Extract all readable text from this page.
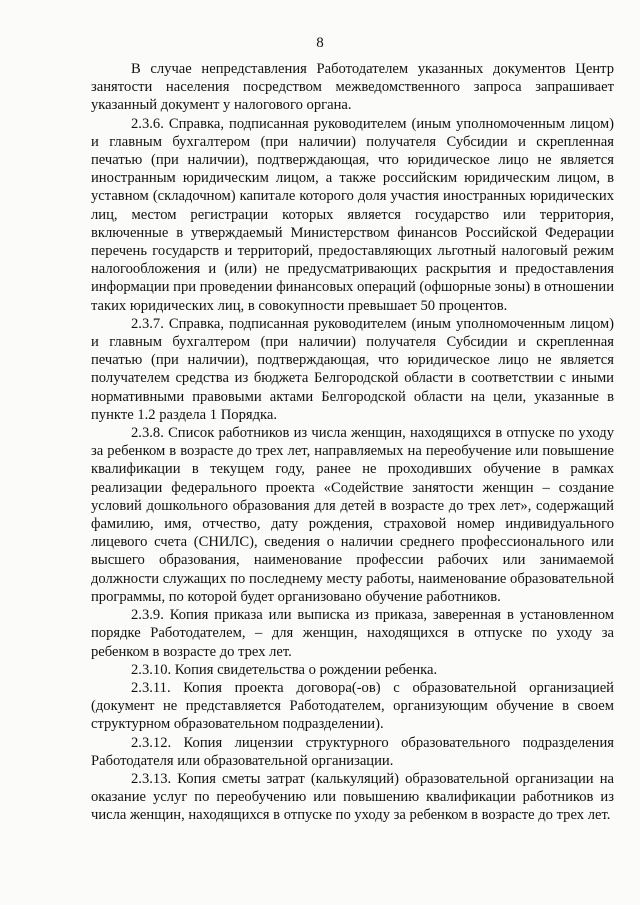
8

В случае непредставления Работодателем указанных документов Центр занятости населения посредством межведомственного запроса запрашивает указанный документ у налогового органа.

2.3.6. Справка, подписанная руководителем (иным уполномоченным лицом) и главным бухгалтером (при наличии) получателя Субсидии и скрепленная печатью (при наличии), подтверждающая, что юридическое лицо не является иностранным юридическим лицом, а также российским юридическим лицом, в уставном (складочном) капитале которого доля участия иностранных юридических лиц, местом регистрации которых является государство или территория, включенные в утверждаемый Министерством финансов Российской Федерации перечень государств и территорий, предоставляющих льготный налоговый режим налогообложения и (или) не предусматривающих раскрытия и предоставления информации при проведении финансовых операций (офшорные зоны) в отношении таких юридических лиц, в совокупности превышает 50 процентов.

2.3.7. Справка, подписанная руководителем (иным уполномоченным лицом) и главным бухгалтером (при наличии) получателя Субсидии и скрепленная печатью (при наличии), подтверждающая, что юридическое лицо не является получателем средства из бюджета Белгородской области в соответствии с иными нормативными правовыми актами Белгородской области на цели, указанные в пункте 1.2 раздела 1 Порядка.

2.3.8. Список работников из числа женщин, находящихся в отпуске по уходу за ребенком в возрасте до трех лет, направляемых на переобучение или повышение квалификации в текущем году, ранее не проходивших обучение в рамках реализации федерального проекта «Содействие занятости женщин – создание условий дошкольного образования для детей в возрасте до трех лет», содержащий фамилию, имя, отчество, дату рождения, страховой номер индивидуального лицевого счета (СНИЛС), сведения о наличии среднего профессионального или высшего образования, наименование профессии рабочих или занимаемой должности служащих по последнему месту работы, наименование образовательной программы, по которой будет организовано обучение работников.

2.3.9. Копия приказа или выписка из приказа, заверенная в установленном порядке Работодателем, – для женщин, находящихся в отпуске по уходу за ребенком в возрасте до трех лет.

2.3.10. Копия свидетельства о рождении ребенка.

2.3.11. Копия проекта договора(-ов) с образовательной организацией (документ не представляется Работодателем, организующим обучение в своем структурном образовательном подразделении).

2.3.12. Копия лицензии структурного образовательного подразделения Работодателя или образовательной организации.

2.3.13. Копия сметы затрат (калькуляций) образовательной организации на оказание услуг по переобучению или повышению квалификации работников из числа женщин, находящихся в отпуске по уходу за ребенком в возрасте до трех лет.
